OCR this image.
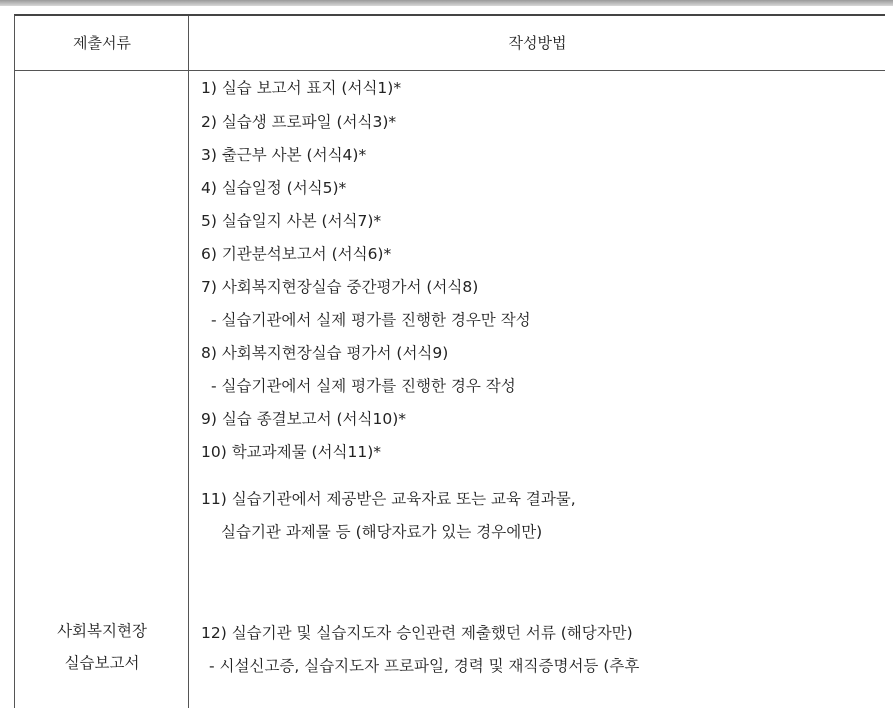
제출서류	작성방법
사회복지현장
실습보고서
1) 실습 보고서 표지 (서식1)*
2) 실습생 프로파일 (서식3)*
3) 출근부 사본 (서식4)*
4) 실습일정 (서식5)*
5) 실습일지 사본 (서식7)*
6) 기관분석보고서 (서식6)*
7) 사회복지현장실습 중간평가서 (서식8)
- 실습기관에서 실제 평가를 진행한 경우만 작성
8) 사회복지현장실습 평가서 (서식9)
- 실습기관에서 실제 평가를 진행한 경우 작성
9) 실습 종결보고서 (서식10)*
10) 학교과제물 (서식11)*
11) 실습기관에서 제공받은 교육자료 또는 교육 결과물,
실습기관 과제물 등 (해당자료가 있는 경우에만)
12) 실습기관 및 실습지도자 승인관련 제출했던 서류 (해당자만)
- 시설신고증, 실습지도자 프로파일, 경력 및 재직증명서등 (추후
